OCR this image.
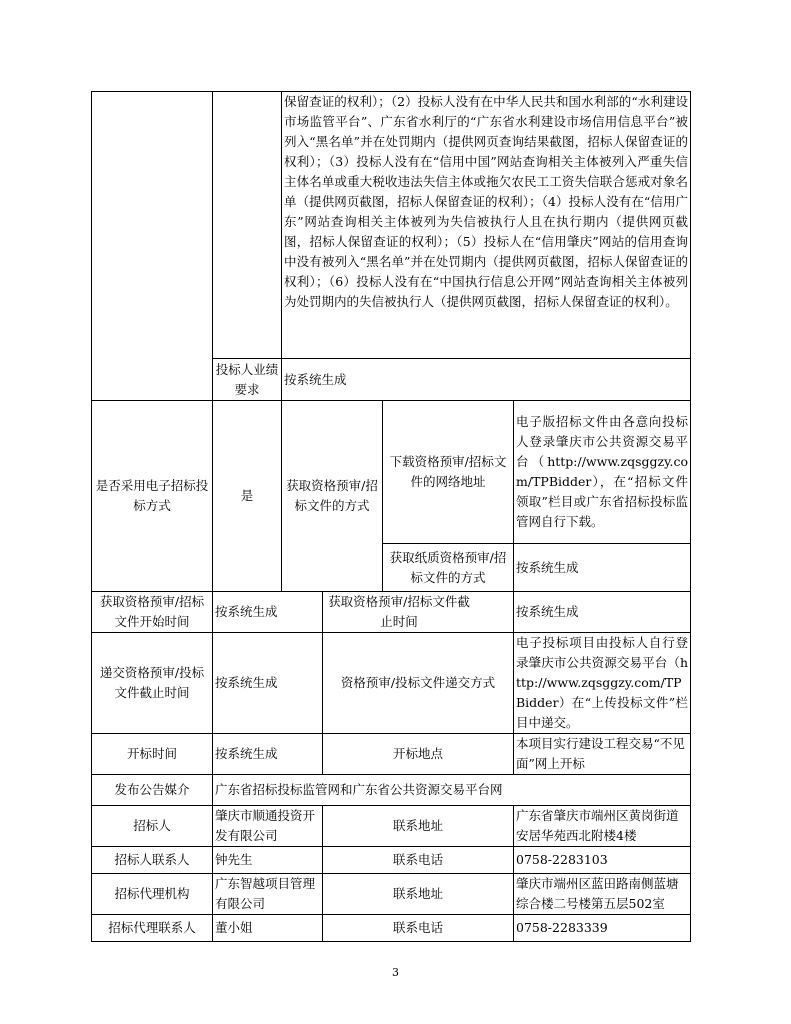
		保留查证的权利）；（2）投标人没有在中华人民共和国水利部的“水利建设市场监管平台”、广东省水利厅的“广东省水利建设市场信用信息平台”被列入“黑名单”并在处罚期内（提供网页查询结果截图，招标人保留查证的权利）；（3）投标人没有在“信用中国”网站查询相关主体被列入严重失信主体名单或重大税收违法失信主体或拖欠农民工工资失信联合惩戒对象名单（提供网页截图，招标人保留查证的权利）；（4）投标人没有在“信用广东”网站查询相关主体被列为失信被执行人且在执行期内（提供网页截图，招标人保留查证的权利）；（5）投标人在“信用肇庆”网站的信用查询中没有被列入“黑名单”并在处罚期内（提供网页截图，招标人保留查证的权利）；（6）投标人没有在“中国执行信息公开网”网站查询相关主体被列为处罚期内的失信被执行人（提供网页截图，招标人保留查证的权利）。			
	投标人业绩要求	按系统生成			
是否采用电子招标投标方式	是	获取资格预审/招标文件的方式		下载资格预审/招标文件的网络地址	电子版招标文件由各意向投标人登录肇庆市公共资源交易平台（http://www.zqsggzy.com/TPBidder），在“招标文件领取”栏目或广东省招标投标监管网自行下载。
				获取纸质资格预审/招标文件的方式	按系统生成
获取资格预审/招标文件开始时间	按系统生成		获取资格预审/招标文件截止时间		按系统生成
递交资格预审/投标文件截止时间	按系统生成		资格预审/投标文件递交方式		电子投标项目由投标人自行登录肇庆市公共资源交易平台（http://www.zqsggzy.com/TPBidder）在“上传投标文件”栏目中递交。
开标时间	按系统生成		开标地点		本项目实行建设工程交易“不见面”网上开标
发布公告媒介	广东省招标投标监管网和广东省公共资源交易平台网				
招标人	肇庆市顺通投资开发有限公司		联系地址		广东省肇庆市端州区黄岗街道安居华苑西北附楼4楼
招标人联系人	钟先生		联系电话		0758-2283103
招标代理机构	广东智越项目管理有限公司		联系地址		肇庆市端州区蓝田路南侧蓝塘综合楼二号楼第五层502室
招标代理联系人	董小姐		联系电话		0758-2283339
3
